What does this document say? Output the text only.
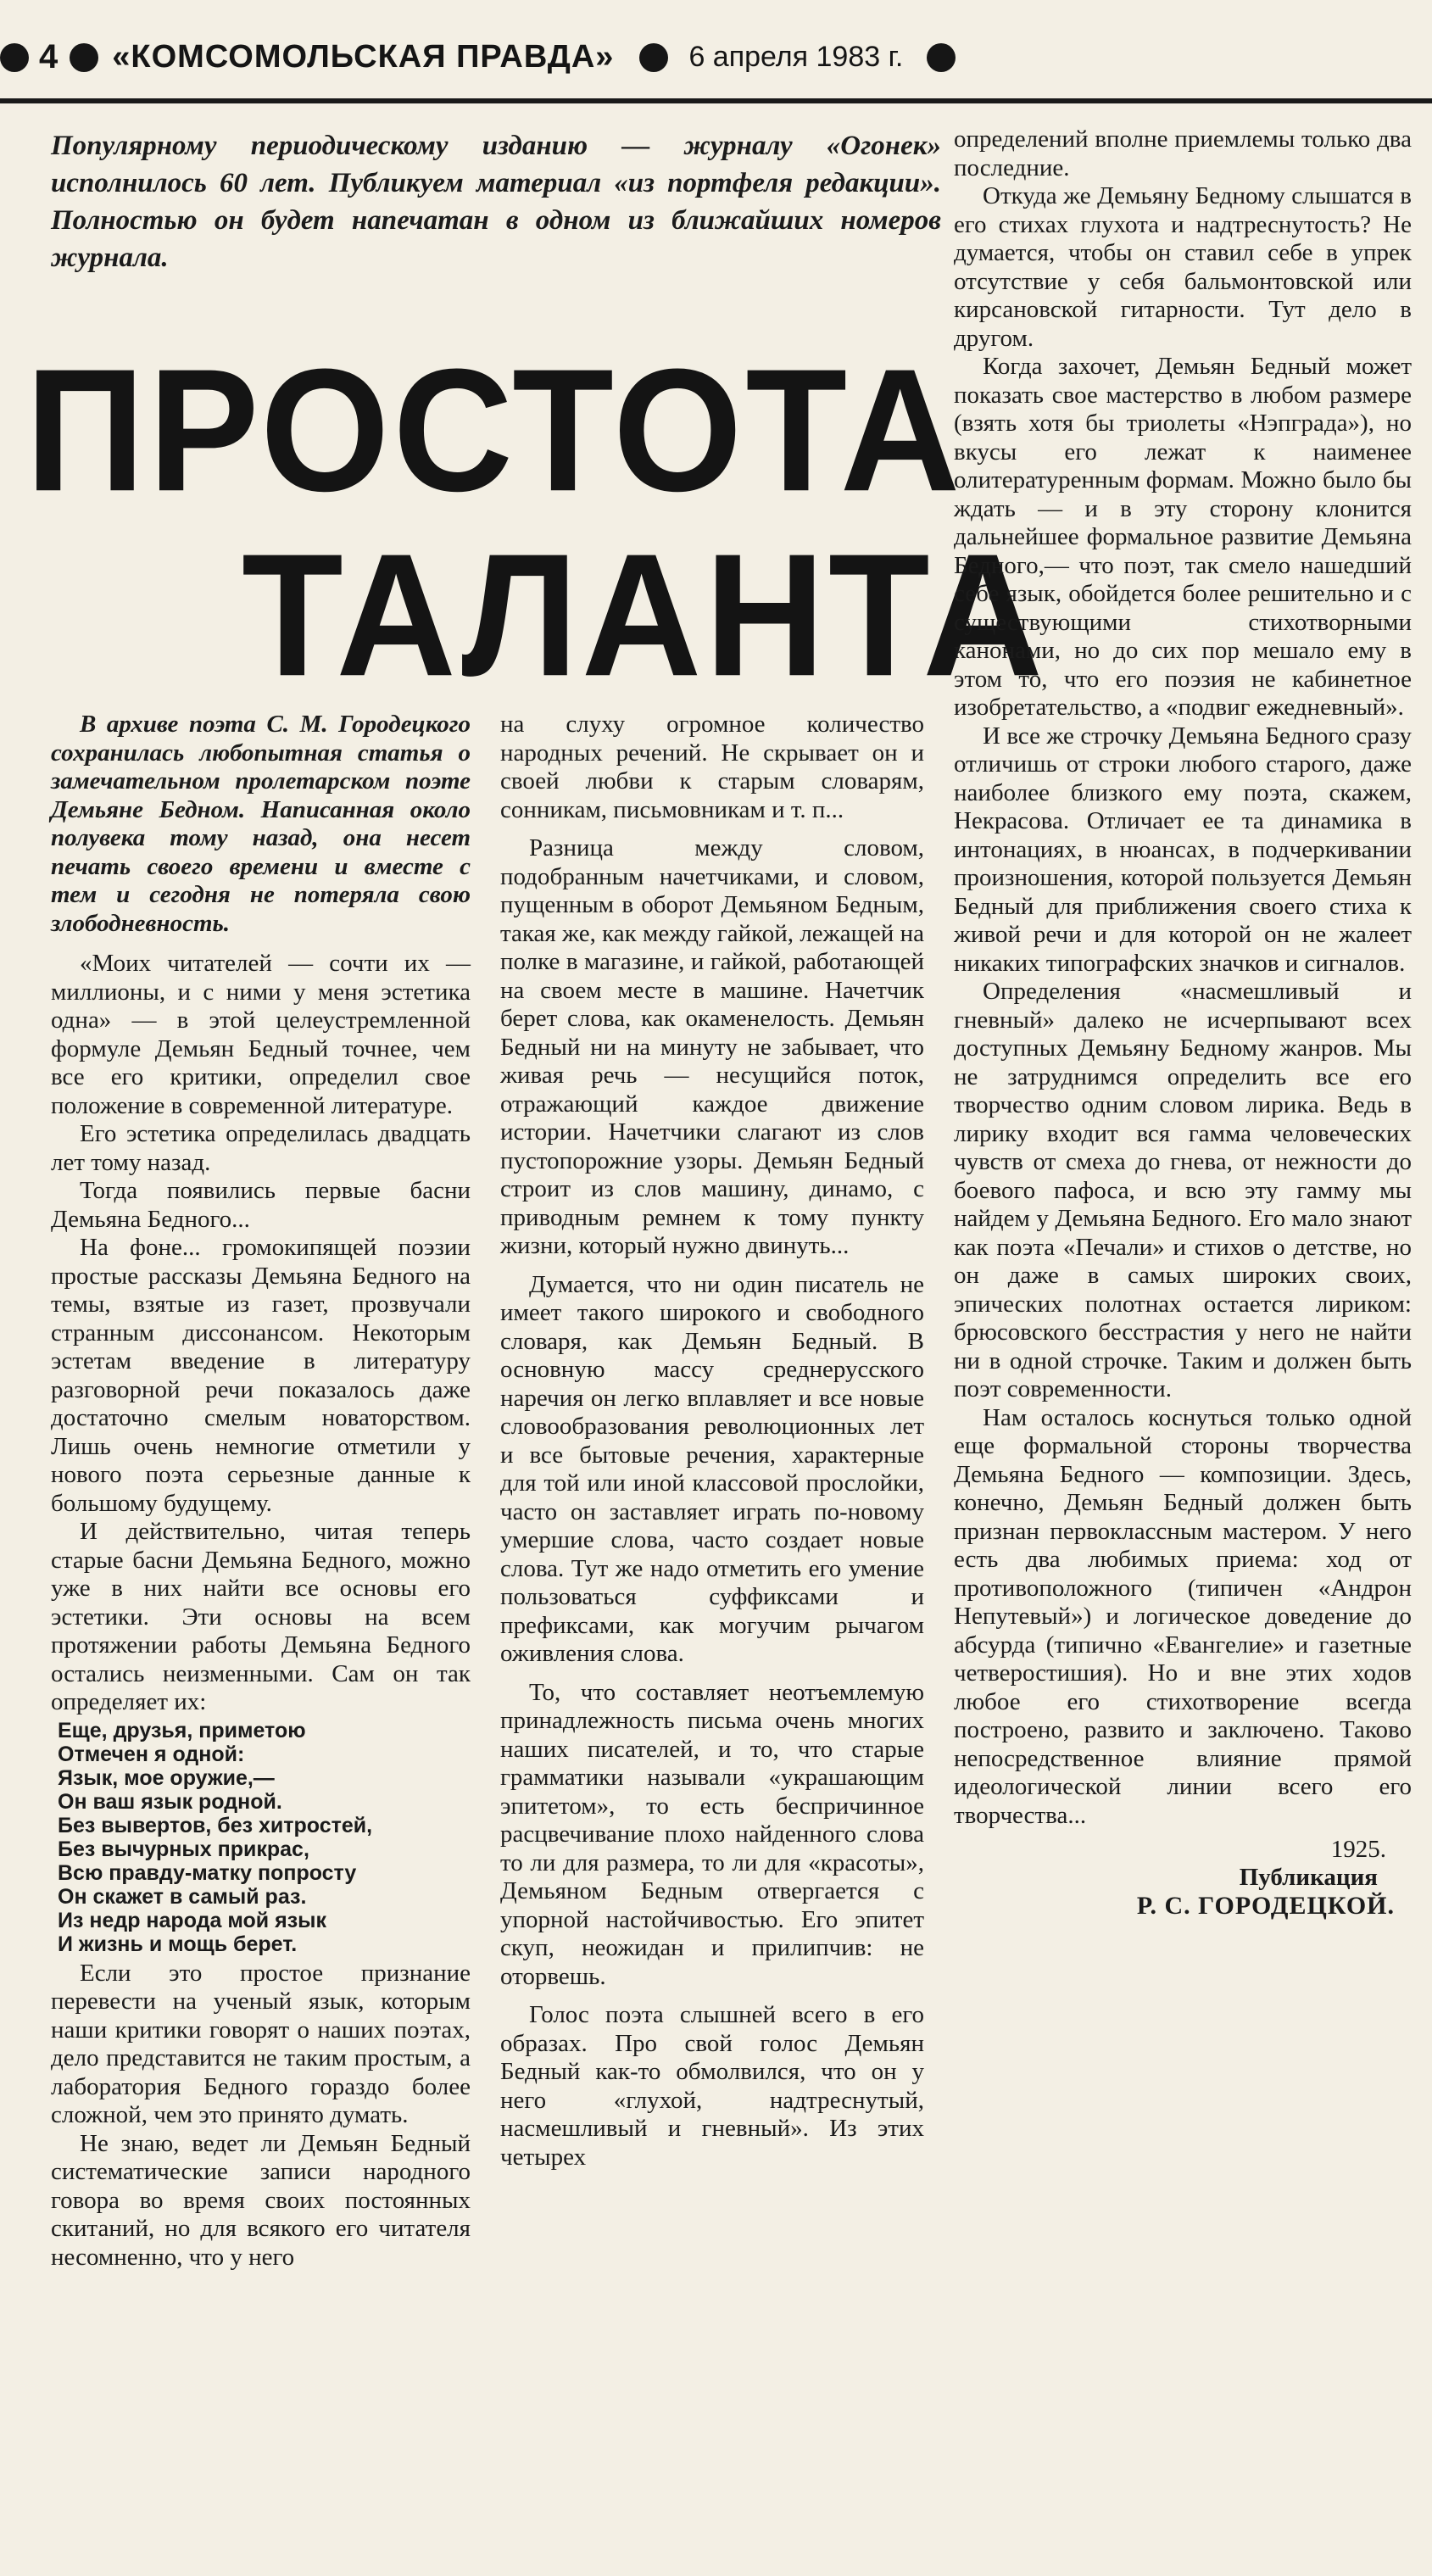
4 «КОМСОМОЛЬСКАЯ ПРАВДА»	6 апреля 1983 г.

Популярному периодическому изданию — журналу «Огонек» исполнилось 60 лет. Публикуем материал «из портфеля редакции». Полностью он будет напечатан в одном из ближайших номеров журнала.

ПРОСТОТА
ТАЛАНТА

В архиве поэта С. М. Городецкого сохранилась любопытная статья о замечательном пролетарском поэте Демьяне Бедном. Написанная около полувека тому назад, она несет печать своего времени и вместе с тем и сегодня не потеряла свою злободневность.

«Моих читателей — сочти их — миллионы, и с ними у меня эстетика одна» — в этой целеустремленной формуле Демьян Бедный точнее, чем все его критики, определил свое положение в современной литературе.

Его эстетика определилась двадцать лет тому назад.

Тогда появились первые басни Демьяна Бедного...

На фоне... громокипящей поэзии простые рассказы Демьяна Бедного на темы, взятые из газет, прозвучали странным диссонансом. Некоторым эстетам введение в литературу разговорной речи показалось даже достаточно смелым новаторством. Лишь очень немногие отметили у нового поэта серьезные данные к большому будущему.

И действительно, читая теперь старые басни Демьяна Бедного, можно уже в них найти все основы его эстетики. Эти основы на всем протяжении работы Демьяна Бедного остались неизменными. Сам он так определяет их:

Еще, друзья, приметою
Отмечен я одной:
Язык, мое оружие,—
Он ваш язык родной.
Без вывертов, без хитростей,
Без вычурных прикрас,
Всю правду-матку попросту
Он скажет в самый раз.
Из недр народа мой язык
И жизнь и мощь берет.

Если это простое признание перевести на ученый язык, которым наши критики говорят о наших поэтах, дело представится не таким простым, а лаборатория Бедного гораздо более сложной, чем это принято думать.

Не знаю, ведет ли Демьян Бедный систематические записи народного говора во время своих постоянных скитаний, но для всякого его читателя несомненно, что у него

на слуху огромное количество народных речений. Не скрывает он и своей любви к старым словарям, сонникам, письмовникам и т. п...

Разница между словом, подобранным начетчиками, и словом, пущенным в оборот Демьяном Бедным, такая же, как между гайкой, лежащей на полке в магазине, и гайкой, работающей на своем месте в машине. Начетчик берет слова, как окаменелость. Демьян Бедный ни на минуту не забывает, что живая речь — несущийся поток, отражающий каждое движение истории. Начетчики слагают из слов пустопорожние узоры. Демьян Бедный строит из слов машину, динамо, с приводным ремнем к тому пункту жизни, который нужно двинуть...

Думается, что ни один писатель не имеет такого широкого и свободного словаря, как Демьян Бедный. В основную массу среднерусского наречия он легко вплавляет и все новые словообразования революционных лет и все бытовые речения, характерные для той или иной классовой прослойки, часто он заставляет играть по-новому умершие слова, часто создает новые слова. Тут же надо отметить его умение пользоваться суффиксами и префиксами, как могучим рычагом оживления слова.

То, что составляет неотъемлемую принадлежность письма очень многих наших писателей, и то, что старые грамматики называли «украшающим эпитетом», то есть беспричинное расцвечивание плохо найденного слова то ли для размера, то ли для «красоты», Демьяном Бедным отвергается с упорной настойчивостью. Его эпитет скуп, неожидан и прилипчив: не оторвешь.

Голос поэта слышней всего в его образах. Про свой голос Демьян Бедный как-то обмолвился, что он у него «глухой, надтреснутый, насмешливый и гневный». Из этих четырех

определений вполне приемлемы только два последние.

Откуда же Демьяну Бедному слышатся в его стихах глухота и надтреснутость? Не думается, чтобы он ставил себе в упрек отсутствие у себя бальмонтовской или кирсановской гитарности. Тут дело в другом.

Когда захочет, Демьян Бедный может показать свое мастерство в любом размере (взять хотя бы триолеты «Нэпграда»), но вкусы его лежат к наименее олитературенным формам. Можно было бы ждать — и в эту сторону клонится дальнейшее формальное развитие Демьяна Бедного,— что поэт, так смело нашедший себе язык, обойдется более решительно и с существующими стихотворными канонами, но до сих пор мешало ему в этом то, что его поэзия не кабинетное изобретательство, а «подвиг ежедневный».

И все же строчку Демьяна Бедного сразу отличишь от строки любого старого, даже наиболее близкого ему поэта, скажем, Некрасова. Отличает ее та динамика в интонациях, в нюансах, в подчеркивании произношения, которой пользуется Демьян Бедный для приближения своего стиха к живой речи и для которой он не жалеет никаких типографских значков и сигналов.

Определения «насмешливый и гневный» далеко не исчерпывают всех доступных Демьяну Бедному жанров. Мы не затруднимся определить все его творчество одним словом лирика. Ведь в лирику входит вся гамма человеческих чувств от смеха до гнева, от нежности до боевого пафоса, и всю эту гамму мы найдем у Демьяна Бедного. Его мало знают как поэта «Печали» и стихов о детстве, но он даже в самых широких своих, эпических полотнах остается лириком: брюсовского бесстрастия у него не найти ни в одной строчке. Таким и должен быть поэт современности.

Нам осталось коснуться только одной еще формальной стороны творчества Демьяна Бедного — композиции. Здесь, конечно, Демьян Бедный должен быть признан первоклассным мастером. У него есть два любимых приема: ход от противоположного (типичен «Андрон Непутевый») и логическое доведение до абсурда (типично «Евангелие» и газетные четверостишия). Но и вне этих ходов любое его стихотворение всегда построено, развито и заключено. Таково непосредственное влияние прямой идеологической линии всего его творчества...

1925.
Публикация
Р. С. ГОРОДЕЦКОЙ.
